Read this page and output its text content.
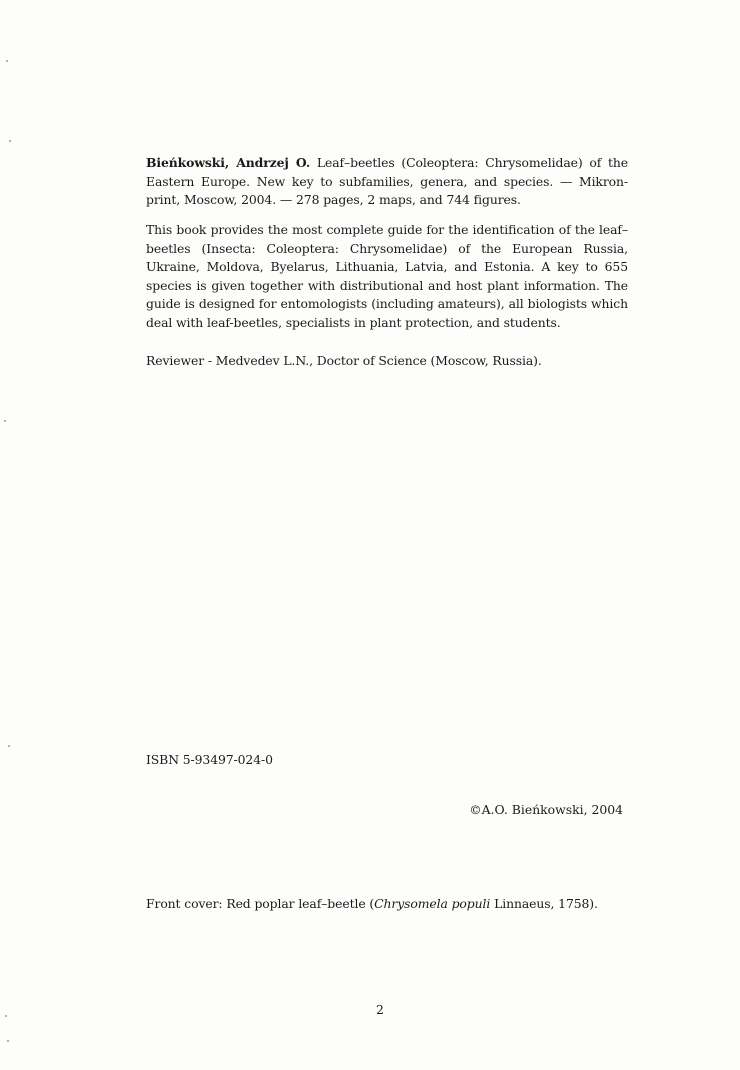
Bieńkowski, Andrzej O. Leaf–beetles (Coleoptera: Chrysomelidae) of the Eastern Europe. New key to subfamilies, genera, and species. — Mikron-print, Moscow, 2004. — 278 pages, 2 maps, and 744 figures.

This book provides the most complete guide for the identification of the leaf–beetles (Insecta: Coleoptera: Chrysomelidae) of the European Russia, Ukraine, Moldova, Byelarus, Lithuania, Latvia, and Estonia. A key to 655 species is given together with distributional and host plant information. The guide is designed for entomologists (including amateurs), all biologists which deal with leaf-beetles, specialists in plant protection, and students.

Reviewer - Medvedev L.N., Doctor of Science (Moscow, Russia).

ISBN 5-93497-024-0

©A.O. Bieńkowski, 2004

Front cover: Red poplar leaf–beetle (Chrysomela populi Linnaeus, 1758).

2
